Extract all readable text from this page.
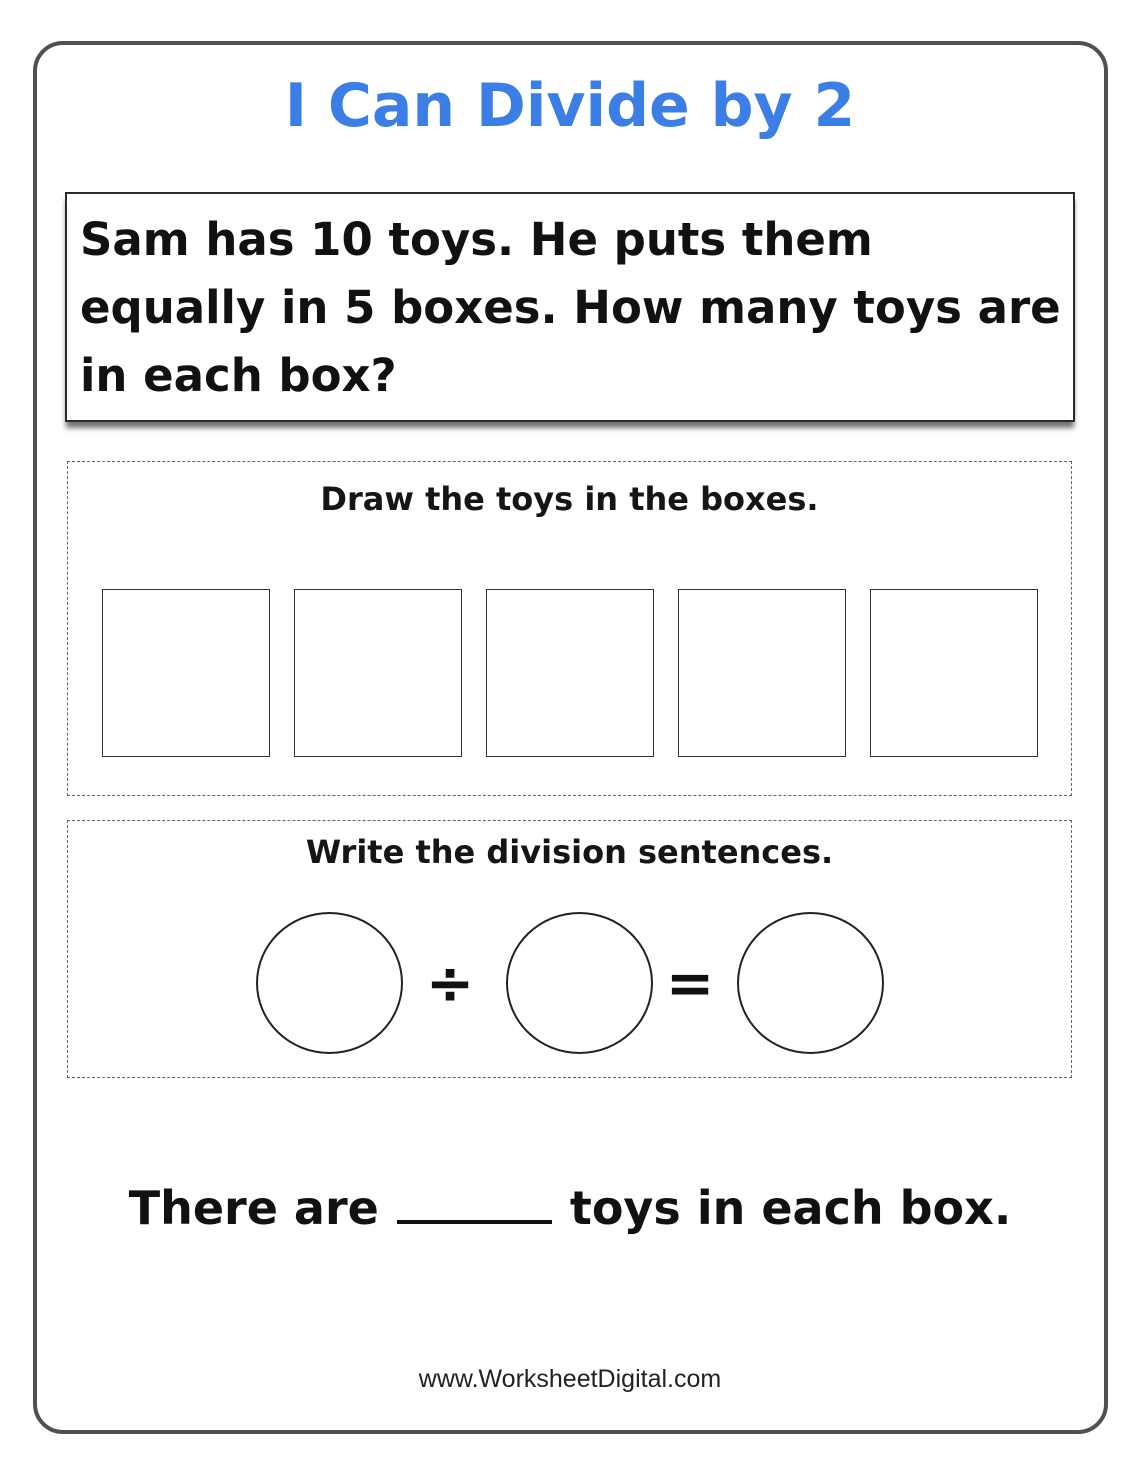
I Can Divide by 2

Sam has 10 toys. He puts them equally in 5 boxes. How many toys are in each box?

Draw the toys in the boxes.
Write the division sentences.
÷	=

There are	toys in each box.

www.WorksheetDigital.com
